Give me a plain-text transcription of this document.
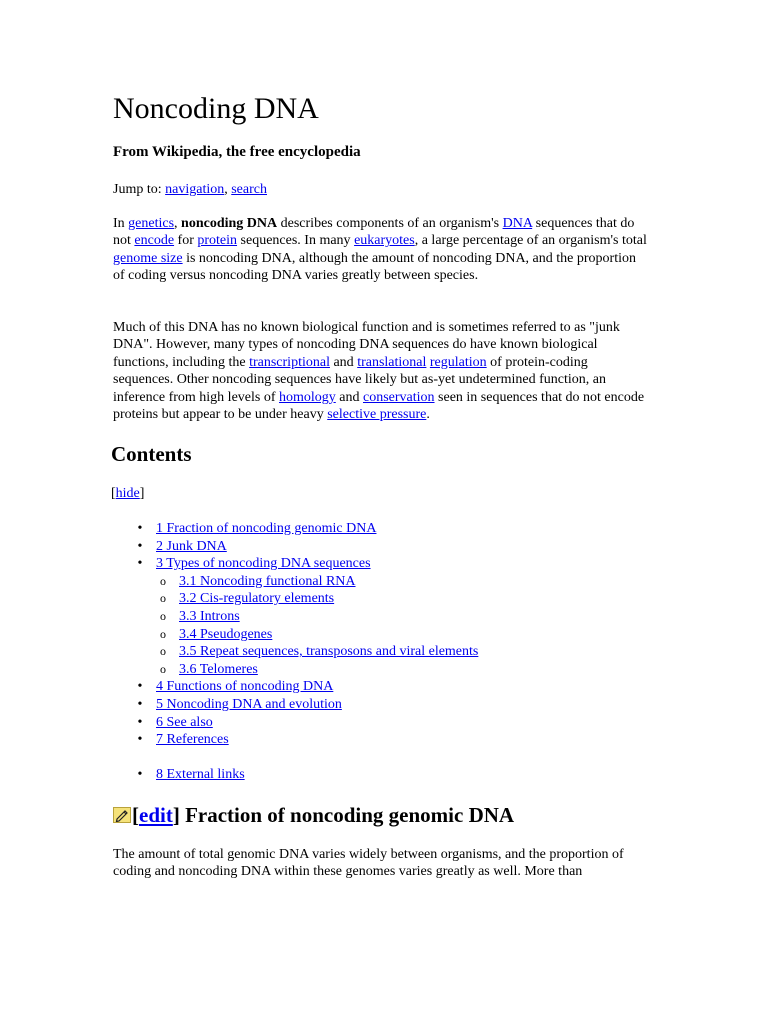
Noncoding DNA

From Wikipedia, the free encyclopedia

Jump to: navigation, search

In genetics, noncoding DNA describes components of an organism's DNA sequences that do not encode for protein sequences. In many eukaryotes, a large percentage of an organism's total genome size is noncoding DNA, although the amount of noncoding DNA, and the proportion of coding versus noncoding DNA varies greatly between species.

Much of this DNA has no known biological function and is sometimes referred to as "junk DNA". However, many types of noncoding DNA sequences do have known biological functions, including the transcriptional and translational regulation of protein-coding sequences. Other noncoding sequences have likely but as-yet undetermined function, an inference from high levels of homology and conservation seen in sequences that do not encode proteins but appear to be under heavy selective pressure.

Contents

[hide]

• 1 Fraction of noncoding genomic DNA
• 2 Junk DNA
• 3 Types of noncoding DNA sequences
o 3.1 Noncoding functional RNA
o 3.2 Cis-regulatory elements
o 3.3 Introns
o 3.4 Pseudogenes
o 3.5 Repeat sequences, transposons and viral elements
o 3.6 Telomeres
• 4 Functions of noncoding DNA
• 5 Noncoding DNA and evolution
• 6 See also
• 7 References
• 8 External links
[ edit ] Fraction of noncoding genomic DNA

The amount of total genomic DNA varies widely between organisms, and the proportion of coding and noncoding DNA within these genomes varies greatly as well. More than
